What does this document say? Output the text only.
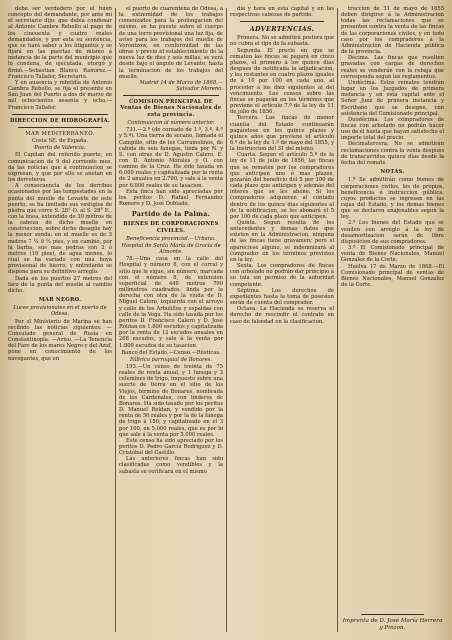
debe ser verdadero por el buen concepto del demandante, por ante mi el secretario dijo: que debia condenar al Antonio Cambra Rebollo al pago de los cincuenta y cuatro reales demandados, y por esta su sentencia, que se hará saber a los litigantes y se fijará en las puertas de mismo á instancia de la parte del municipio que lo condena, de ejecutada, otorgó y firmó.—Sebastian Blanco Ramirez.—Francisco Tallafer, Secretario.

Y en ausencia y rebeldía de Antonio Cambra Rebollo, se fija el presente en San Juan del Puerto á dos de marzo de mil ochocientos sesenta y ocho.—Francisco Tallafer.

DIRECCION DE HIDROGRAFÍA.
MAR MEDITERRÁNEO.
Costa SE. de España.
Puerto de Valencia.

El Capitan del referido puerto, en comunicacion de 9 del corriente mes, da las noticias que á continuacion se expresan, y que por ello se anotan en los derroteros.

A consecuencia de los derribos ocasionados por las tempestades en la punta del muelle de Levante de este puerto, se ha limitado sus vestigios de piedra que corre S. 28° O. al S. 28° E., con la linea, extendido de 30 metros de la cabeza de dicho muelle en construccion, sobre dicho desagüe hay la menor sonda: en el muelle es de 3 metros 7 ¼ 9 ½ pies, y en cambio, por la barba, sus mas pedras son 2 ó metros (10 pies), de agua menos, lo cual se ha variado con una boya provisional de hierro, y entretanto se dispone para su definitivo arreglo.

Dada en los puertos 27 metros del faro de la punta del muelle al cambio dicho.

MAR NEGRO.
Luces provisionales en el puerto de Odesa.

Por el Ministerio de Marina se han recibido las noticias siguientes: —Consulado general de Rusia en Constantinopla. —Aviso. —La Tenencia del Faro de los mares Negro y del Azof, pone en conocimiento de los navegantes, que en

el puerto de cuarentena de Odesa, á la extremidad de los trabajos comenzados para la prolongacion del mismo, se ha puesto sobre el cuerpo de una torre provisional una luz fija, de aviso para los trabajos del muelle de Vorontzow, en conformidad de las obras y previo el establecimiento de la nueva luz de diez y seis millas, se verá desde bajo el ángulo de Levante, hasta la terminacion de los trabajos del muelle.

Madrid 14 de Marzo de 1868.—Salvador Moreno.

COMISION PRINCIPAL DE Ventas de Bienes Nacionales de esta provincia.
Continuacion al número anterior.

731.—2.ª (de coreado de 1.º, 3.º, 4.º y 5.º). Una tierra de secano, llamada el Campillo, sitio de los Carramolinos, de cabida de seis fanegas, linda por N. y S. con otras de D. Agustin Calero, E. con D. Antonio Morales y O. con camino de la Cruz. Ha sido tasada en 6.000 reales y capitalizada por la renta de 2 anuales en 2.700, y sale á la venta por 6.000 reales de su tasacion.

Esta finca han sido apreciadas por los peritos D. Rafael Fernandez Romero y D. José Doblado.

Partido de la Palma.
BIENES DE CORPORACIONES CIVILES.
Beneficencia provincial.—Urbana.
Hospital de Santa María de Gracia de Almonte.

78.—Una casa en la calle del Hospital y número 8, con el corral y sitio que le sigue, sin número, marcada con el número 8, de extension superficial de 440 metros 799 milímetros cuadrados, linda por la derecha con otra de la viuda de D. Miguel Calero, izquierda con el arroyo y calle de los Arbolillos y espaldas con calle de la Vega. Ha sido tasada por los peritos D. Francisco Calero y D. José Roldan en 1.800 escudos y capitalizada por la renta de 12 escudos anuales en 268 escudos, y sale á la venta por 1.800 escudos de su tasacion.

Banco del Estado.—Censo.—Rústicas.
Fábrica parroquial de Bonares.

193.—Un censo de treinta de 75 reales de renta anual, y 1 fanega y 3 celemines de trigo, impuesto sobre una suerte de tierra en el sitio de los Viejos, término de Bonares, nombrada de los Cardenales, con linderos de Bonares. Ha sido tasado por los peritos D. Manuel Roldan, y vendido por la renta de 50 reales y por la de la fanega de trigo á 150, y capitalizado en el 3 por 100, en 5.000 reales, que es por lo que sale á la venta por 5.000 reales.

Este censo ha sido apreciado por los peritos D. Pedro García Rodriguez y D. Cristóbal del Castillo.

Las anteriores fincas han sido clasificadas como vendibles y la subasta se verificará en el mismo

dia y hora en esta capital y en las respectivas cabezas de partido.

ADVERTENCIAS.

Primera. No se admitirá postura que no cubra el tipo de la subasta.

Segunda. El precio en que se rematen las fincas se pagará en cinco plazos, el primero á los quince dias despues de notificada la adjudicacion, y los restantes en cuatro plazos iguales de á 10 por 100 en cada uno, al proceder á los diez siguientes al del vencimiento. Los censos sobre las fincas se pagarán en los términos que previene el artículo 7.º de la ley de 11 de julio de 1856.

Tercera. Las fincas de menor cuantía del Estado continuarán pagándose en los quince plazos y quince años que previene el artículo 6.º de la ley de 1.º de mayo del 1855, y la Instruccion del 31 del mismo.

Cuarta. Segun el artículo 5.º de la ley de 11 de julio de 1856, las fincas que se rematen por los compradores que anticipen uno ó mas plazos, gozarán del beneficio del 5 por 100 de cada plazo que anticipen y además del interés que se les abone. Si los compradores adquieren al contado dentro de los quince dias siguientes al de la notificacion, se les abonará el 5 por 100 de cada plazo que anticipen.

Quinta. Segun resulta de los antecedentes y demas datos que existen en la Administracion, ninguna de las fincas tiene gravamen; pero si apareciese alguno, se indemnizará al comprador en los términos previstos en la ley.

Sexta. Los compradores de fincas con arbolado no podrán dar principio á su tala sin permiso de la autoridad competente.

Séptima. Los derechos de expedientes hasta la toma de posesion serán de cuenta del comprador.

Octava. La Hacienda se reserva el derecho de rescindir el contrato en caso de falsedad en la clasificacion.

truccion de 31 de mayo de 1855 deben dirigirse á la Administracion todas las reclamaciones que se presenten contra la venta de las fincas de las corporaciones civiles, y en todo caso por los compradores á la Administracion de Hacienda pública de la provincia.

Décima. Las fincas que resulten gravadas con cargas de derechos reales se venderán con la rebaja que corresponda segun los reglamentos.

Undécima. Estos remates tendrán lugar en los Juzgados de primera instancia y en esta capital ante el Señor Juez de primera instancia y Escribano que se designe, con asistencia del Comisionado principal.

Duodécima. Los compradores de fincas con arbolado no podrán hacer uso de él hasta que hayan satisfecho el importe total del precio.

Décimatercera. No se admitirán reclamaciones contra la venta despues de transcurridos quince dias desde la fecha del remate.

NOTAS.

1.ª Se admitirán como bienes de corporaciones civiles, los de propios, beneficencia é instruccion pública, cuyos productos se ingresen en las cajas del Estado, y los demas bienes que se declaren enajenables segun la ley.

2.ª Los bienes del Estado que se venden con arreglo á la ley de desamortizacion serán de libre disposicion de sus compradores.

3.ª El Comisionado principal de venta de Bienes Nacionales, Manuel Gonzalez de la Corte.

Huelva 17 de Marzo de 1868.—El Comisionado principal de ventas de Bienes Nacionales, Manuel Gonzalez de la Corte.

Imprenta de D. José María Herrera y Pinzon.
